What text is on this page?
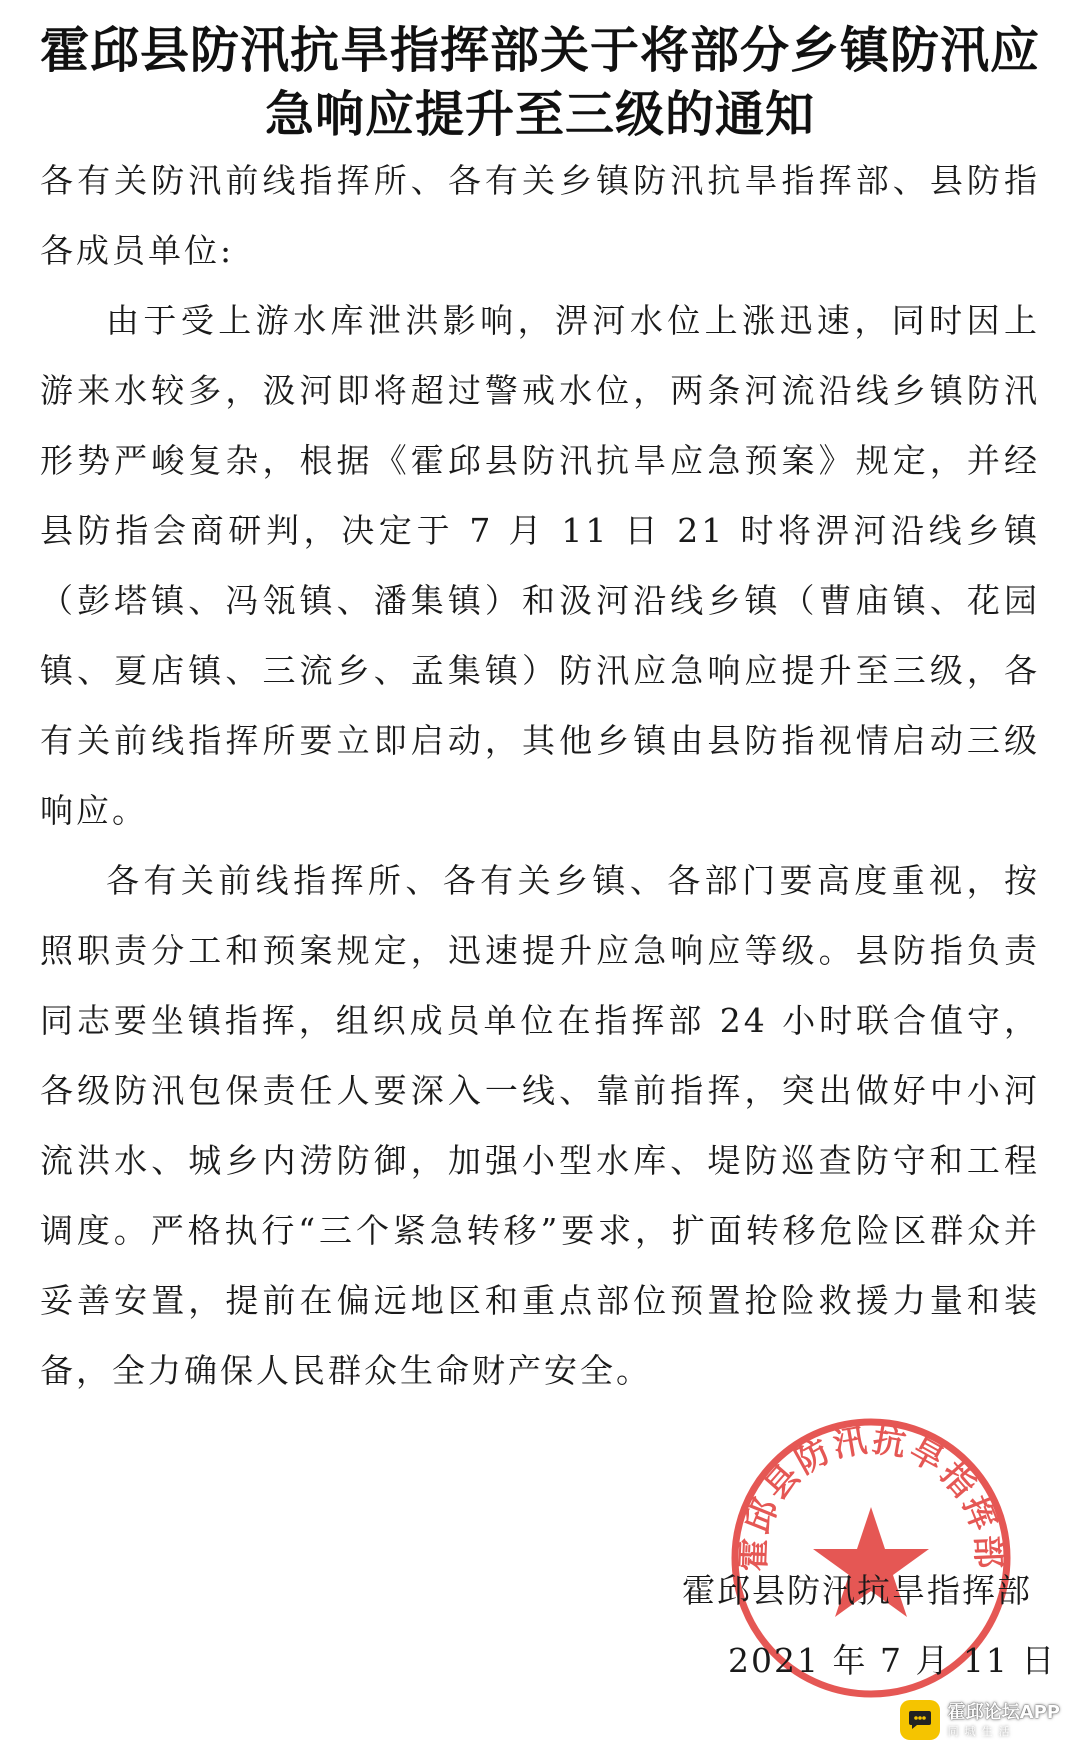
霍邱县防汛抗旱指挥部关于将部分乡镇防汛应急响应提升至三级的通知

各有关防汛前线指挥所、各有关乡镇防汛抗旱指挥部、县防指各成员单位:

由于受上游水库泄洪影响，淠河水位上涨迅速，同时因上游来水较多，汲河即将超过警戒水位，两条河流沿线乡镇防汛形势严峻复杂，根据《霍邱县防汛抗旱应急预案》规定，并经县防指会商研判，决定于 7 月 11 日 21 时将淠河沿线乡镇（彭塔镇、冯瓴镇、潘集镇）和汲河沿线乡镇（曹庙镇、花园镇、夏店镇、三流乡、孟集镇）防汛应急响应提升至三级，各有关前线指挥所要立即启动，其他乡镇由县防指视情启动三级响应。

各有关前线指挥所、各有关乡镇、各部门要高度重视，按照职责分工和预案规定，迅速提升应急响应等级。县防指负责同志要坐镇指挥，组织成员单位在指挥部 24 小时联合值守，各级防汛包保责任人要深入一线、靠前指挥，突出做好中小河流洪水、城乡内涝防御，加强小型水库、堤防巡查防守和工程调度。严格执行“三个紧急转移”要求，扩面转移危险区群众并妥善安置，提前在偏远地区和重点部位预置抢险救援力量和装备，全力确保人民群众生命财产安全。

霍邱县防汛抗旱指挥部
霍邱县防汛抗旱指挥部
2021 年 7 月 11 日
霍邱论坛APP
同城生活
